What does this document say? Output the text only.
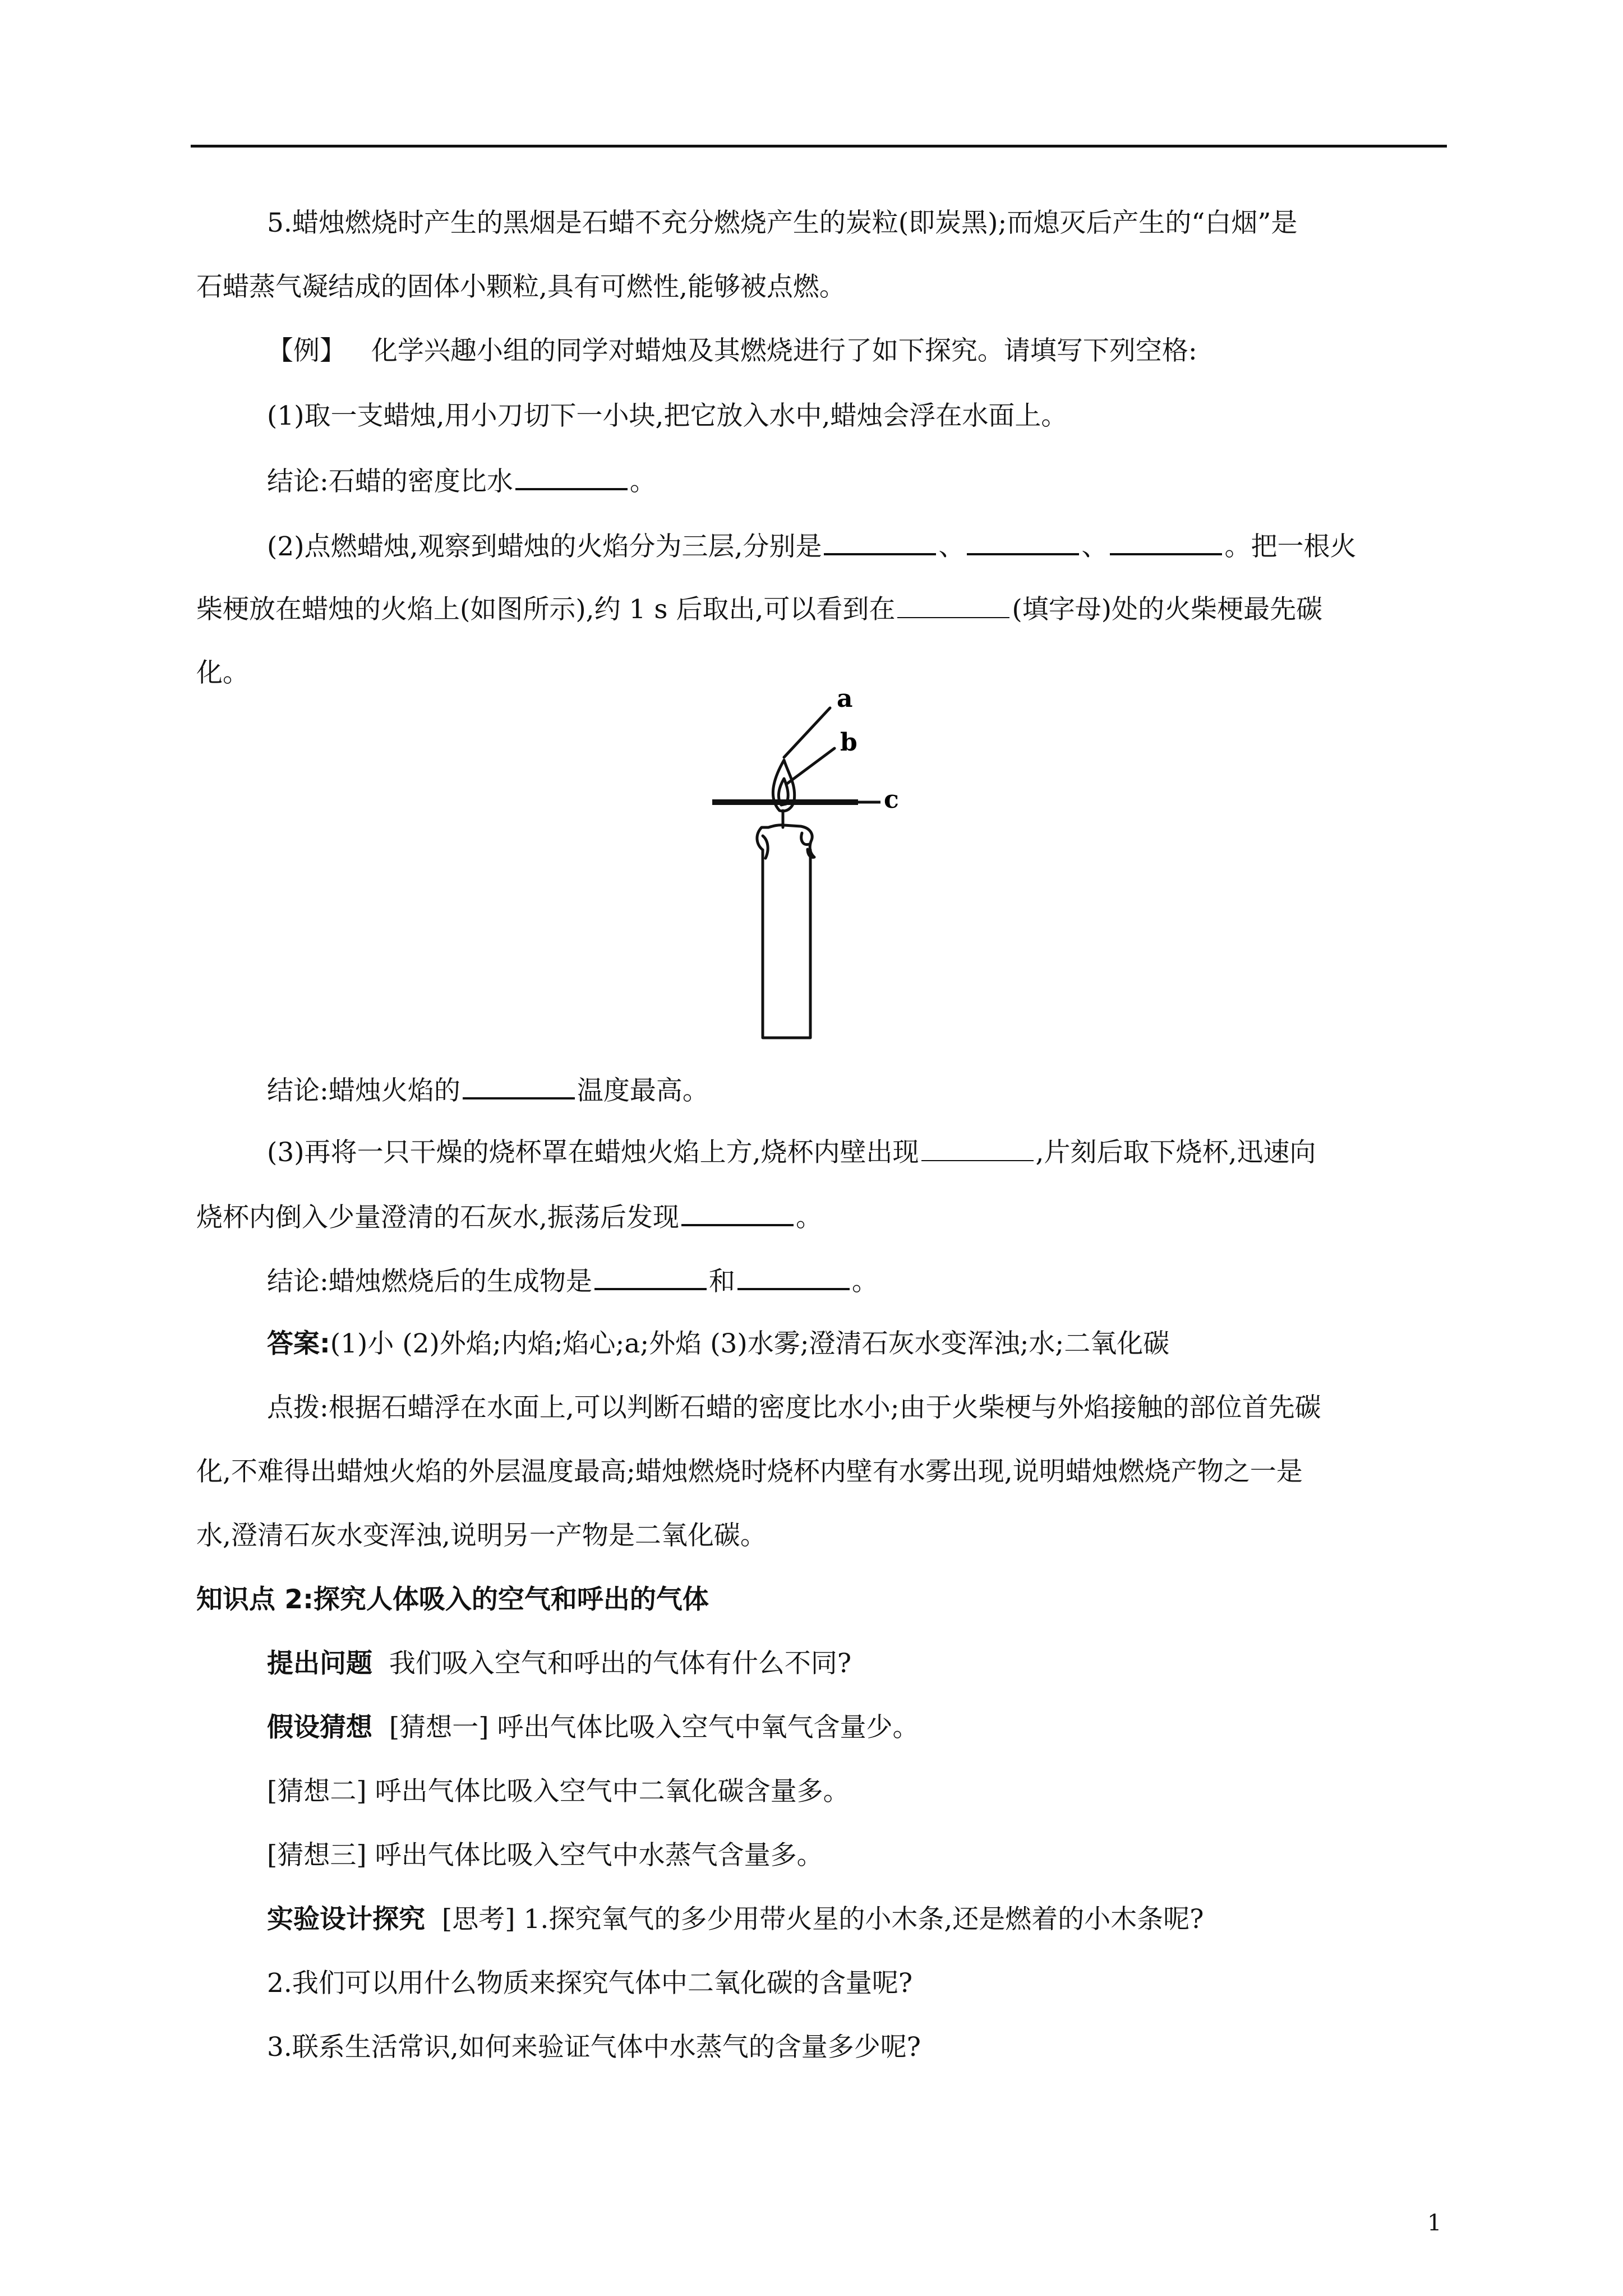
5.蜡烛燃烧时产生的黑烟是石蜡不充分燃烧产生的炭粒(即炭黑);而熄灭后产生的“白烟”是
石蜡蒸气凝结成的固体小颗粒,具有可燃性,能够被点燃。
【例】 化学兴趣小组的同学对蜡烛及其燃烧进行了如下探究。请填写下列空格:
(1)取一支蜡烛,用小刀切下一小块,把它放入水中,蜡烛会浮在水面上。
结论:石蜡的密度比水	。
(2)点燃蜡烛,观察到蜡烛的火焰分为三层,分别是	、	、	。把一根火
柴梗放在蜡烛的火焰上(如图所示),约 1 s 后取出,可以看到在	(填字母)处的火柴梗最先碳
化。
a
b
c
结论:蜡烛火焰的	温度最高。
(3)再将一只干燥的烧杯罩在蜡烛火焰上方,烧杯内壁出现	,片刻后取下烧杯,迅速向
烧杯内倒入少量澄清的石灰水,振荡后发现	。
结论:蜡烛燃烧后的生成物是	和	。
答案:(1)小 (2)外焰;内焰;焰心;a;外焰 (3)水雾;澄清石灰水变浑浊;水;二氧化碳
点拨:根据石蜡浮在水面上,可以判断石蜡的密度比水小;由于火柴梗与外焰接触的部位首先碳
化,不难得出蜡烛火焰的外层温度最高;蜡烛燃烧时烧杯内壁有水雾出现,说明蜡烛燃烧产物之一是
水,澄清石灰水变浑浊,说明另一产物是二氧化碳。
知识点 2:探究人体吸入的空气和呼出的气体
提出问题 我们吸入空气和呼出的气体有什么不同?
假设猜想 [猜想一] 呼出气体比吸入空气中氧气含量少。
[猜想二] 呼出气体比吸入空气中二氧化碳含量多。
[猜想三] 呼出气体比吸入空气中水蒸气含量多。
实验设计探究 [思考] 1.探究氧气的多少用带火星的小木条,还是燃着的小木条呢?
2.我们可以用什么物质来探究气体中二氧化碳的含量呢?
3.联系生活常识,如何来验证气体中水蒸气的含量多少呢?
1
